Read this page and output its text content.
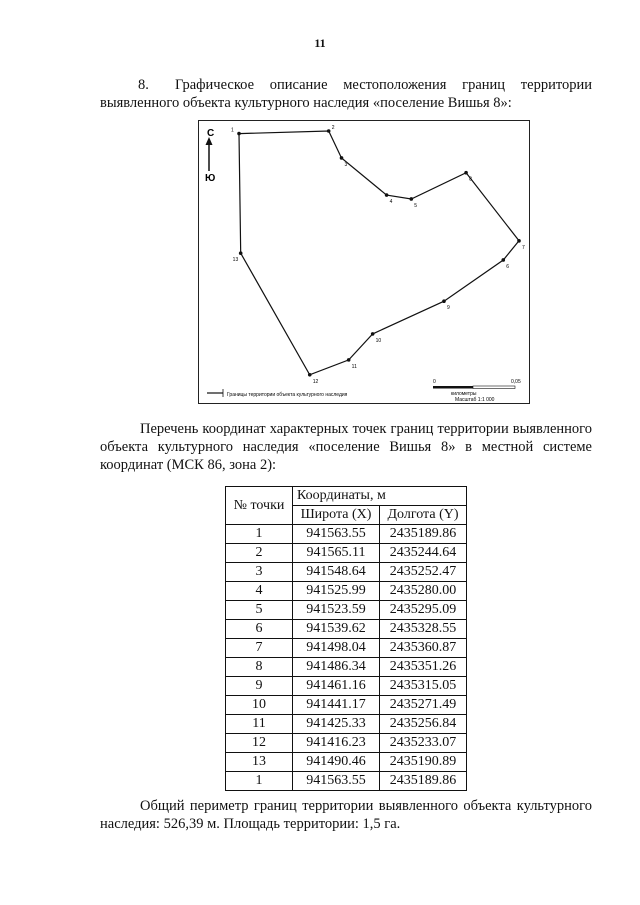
11
8. Графическое описание местоположения границ территории выявленного объекта культурного наследия «поселение Вишья 8»:
С
Ю
1	2
3
4
5
8
7
6
9
10
11
12
13
Границы территории объекта культурного наследия
0	0,05
километры
Масштаб 1:1 000

Перечень координат характерных точек границ территории выявленного объекта культурного наследия «поселение Вишья 8» в местной системе координат (МСК 86, зона 2):

№ точки	Координаты, м	
	Широта (X)	Долгота (Y)
1	941563.55	2435189.86
2	941565.11	2435244.64
3	941548.64	2435252.47
4	941525.99	2435280.00
5	941523.59	2435295.09
6	941539.62	2435328.55
7	941498.04	2435360.87
8	941486.34	2435351.26
9	941461.16	2435315.05
10	941441.17	2435271.49
11	941425.33	2435256.84
12	941416.23	2435233.07
13	941490.46	2435190.89
1	941563.55	2435189.86

Общий периметр границ территории выявленного объекта культурного наследия: 526,39 м. Площадь территории: 1,5 га.
